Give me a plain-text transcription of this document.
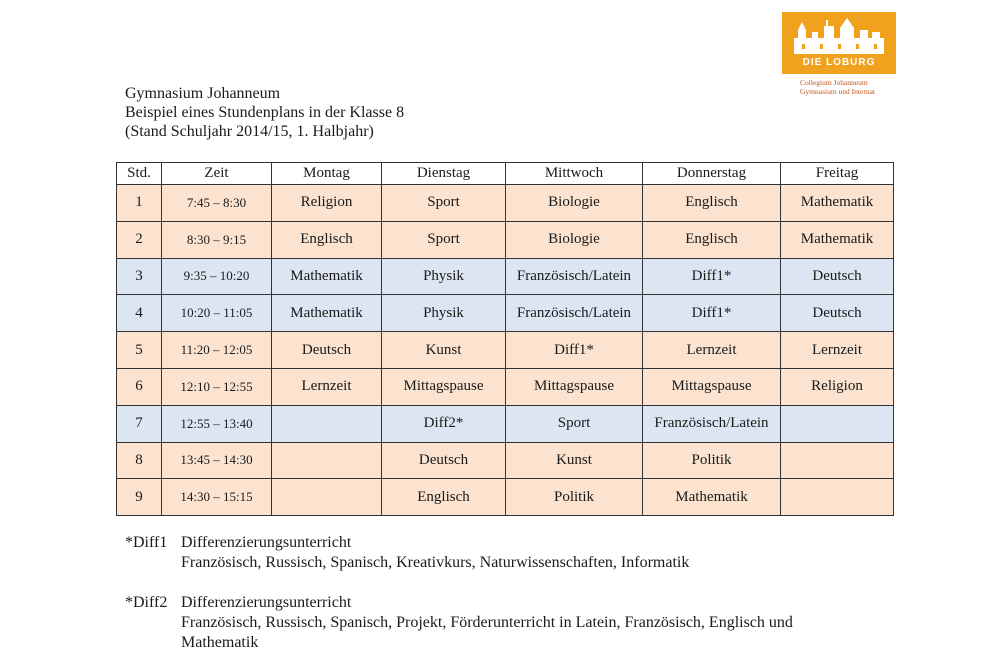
DIE LOBURG
Collegium Johanneum
Gymnasium und Internat
Gymnasium Johanneum
Beispiel eines Stundenplans in der Klasse 8
(Stand Schuljahr 2014/15, 1. Halbjahr)
Std.	Zeit	Montag	Dienstag	Mittwoch	Donnerstag	Freitag
1	7:45 – 8:30	Religion	Sport	Biologie	Englisch	Mathematik
2	8:30 – 9:15	Englisch	Sport	Biologie	Englisch	Mathematik
3	9:35 – 10:20	Mathematik	Physik	Französisch/Latein	Diff1*	Deutsch
4	10:20 – 11:05	Mathematik	Physik	Französisch/Latein	Diff1*	Deutsch
5	11:20 – 12:05	Deutsch	Kunst	Diff1*	Lernzeit	Lernzeit
6	12:10 – 12:55	Lernzeit	Mittagspause	Mittagspause	Mittagspause	Religion
7	12:55 – 13:40		Diff2*	Sport	Französisch/Latein	
8	13:45 – 14:30		Deutsch	Kunst	Politik	
9	14:30 – 15:15		Englisch	Politik	Mathematik	
*Diff1 Differenzierungsunterricht
Französisch, Russisch, Spanisch, Kreativkurs, Naturwissenschaften, Informatik
*Diff2 Differenzierungsunterricht
Französisch, Russisch, Spanisch, Projekt, Förderunterricht in Latein, Französisch, Englisch und Mathematik
